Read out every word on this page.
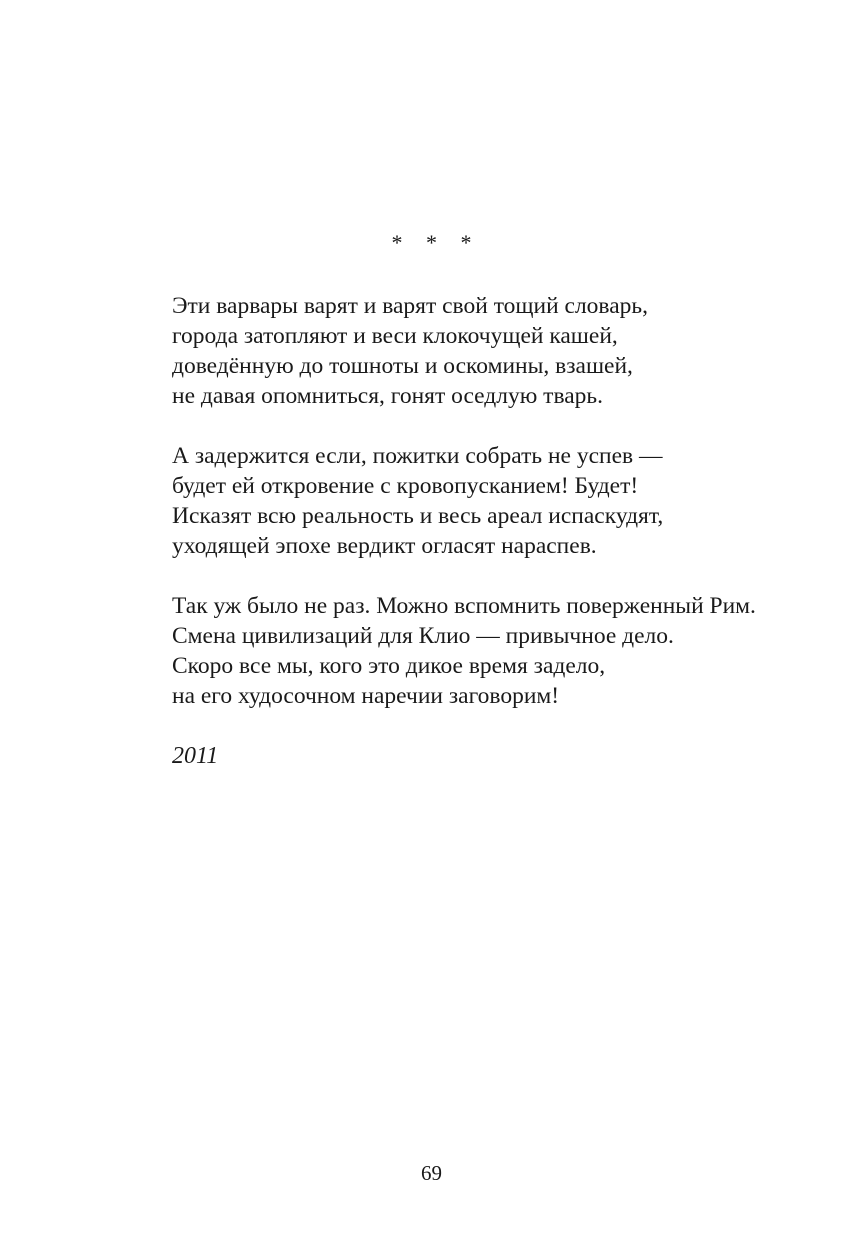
* * *
Эти варвары варят и варят свой тощий словарь,
города затопляют и веси клокочущей кашей,
доведённую до тошноты и оскомины, взашей,
не давая опомниться, гонят оседлую тварь.
А задержится если, пожитки собрать не успев —
будет ей откровение с кровопусканием! Будет!
Исказят всю реальность и весь ареал испаскудят,
уходящей эпохе вердикт огласят нараспев.
Так уж было не раз. Можно вспомнить поверженный Рим.
Смена цивилизаций для Клио — привычное дело.
Скоро все мы, кого это дикое время задело,
на его худосочном наречии заговорим!
2011
69
